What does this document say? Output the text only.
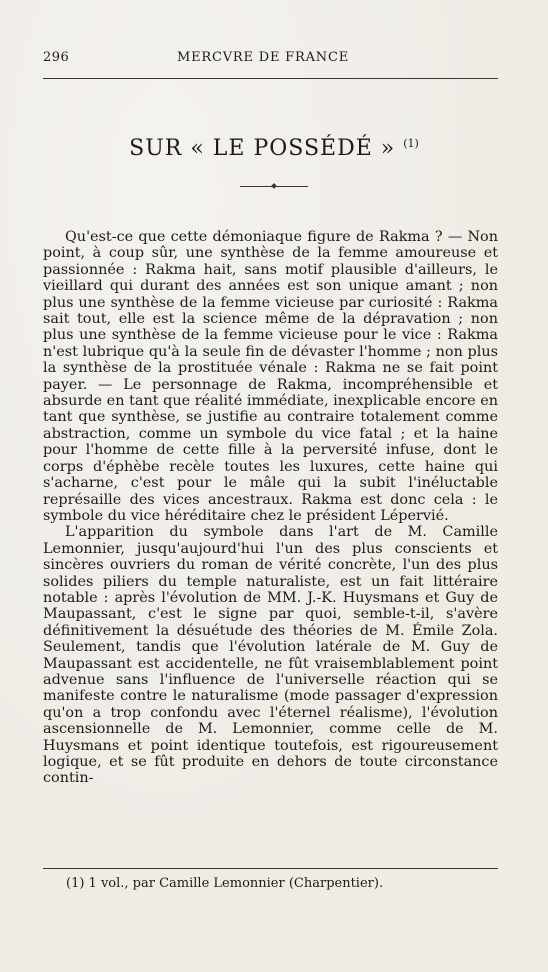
296	MERCVRE DE FRANCE
SUR « LE POSSÉDÉ » $^{(1)}$

Qu'est-ce que cette démoniaque figure de Rakma ? — Non point, à coup sûr, une synthèse de la femme amoureuse et passionnée : Rakma hait, sans motif plausible d'ailleurs, le vieillard qui durant des années est son unique amant ; non plus une synthèse de la femme vicieuse par curiosité : Rakma sait tout, elle est la science même de la dépravation ; non plus une synthèse de la femme vicieuse pour le vice : Rakma n'est lubrique qu'à la seule fin de dévaster l'homme ; non plus la synthèse de la prostituée vénale : Rakma ne se fait point payer. — Le personnage de Rakma, incompréhensible et absurde en tant que réalité immédiate, inexplicable encore en tant que synthèse, se justifie au contraire totalement comme abstraction, comme un symbole du vice fatal ; et la haine pour l'homme de cette fille à la perversité infuse, dont le corps d'éphèbe recèle toutes les luxures, cette haine qui s'acharne, c'est pour le mâle qui la subit l'inéluctable représaille des vices ancestraux. Rakma est donc cela : le symbole du vice héréditaire chez le président Lépervié.

L'apparition du symbole dans l'art de M. Camille Lemonnier, jusqu'aujourd'hui l'un des plus conscients et sincères ouvriers du roman de vérité concrète, l'un des plus solides piliers du temple naturaliste, est un fait littéraire notable : après l'évolution de MM. J.-K. Huysmans et Guy de Maupassant, c'est le signe par quoi, semble-t-il, s'avère définitivement la désuétude des théories de M. Émile Zola. Seulement, tandis que l'évolution latérale de M. Guy de Maupassant est accidentelle, ne fût vraisemblablement point advenue sans l'influence de l'universelle réaction qui se manifeste contre le naturalisme (mode passager d'expression qu'on a trop confondu avec l'éternel réalisme), l'évolution ascensionnelle de M. Lemonnier, comme celle de M. Huysmans et point identique toutefois, est rigoureusement logique, et se fût produite en dehors de toute circonstance contin-

(1) 1 vol., par Camille Lemonnier (Charpentier).
